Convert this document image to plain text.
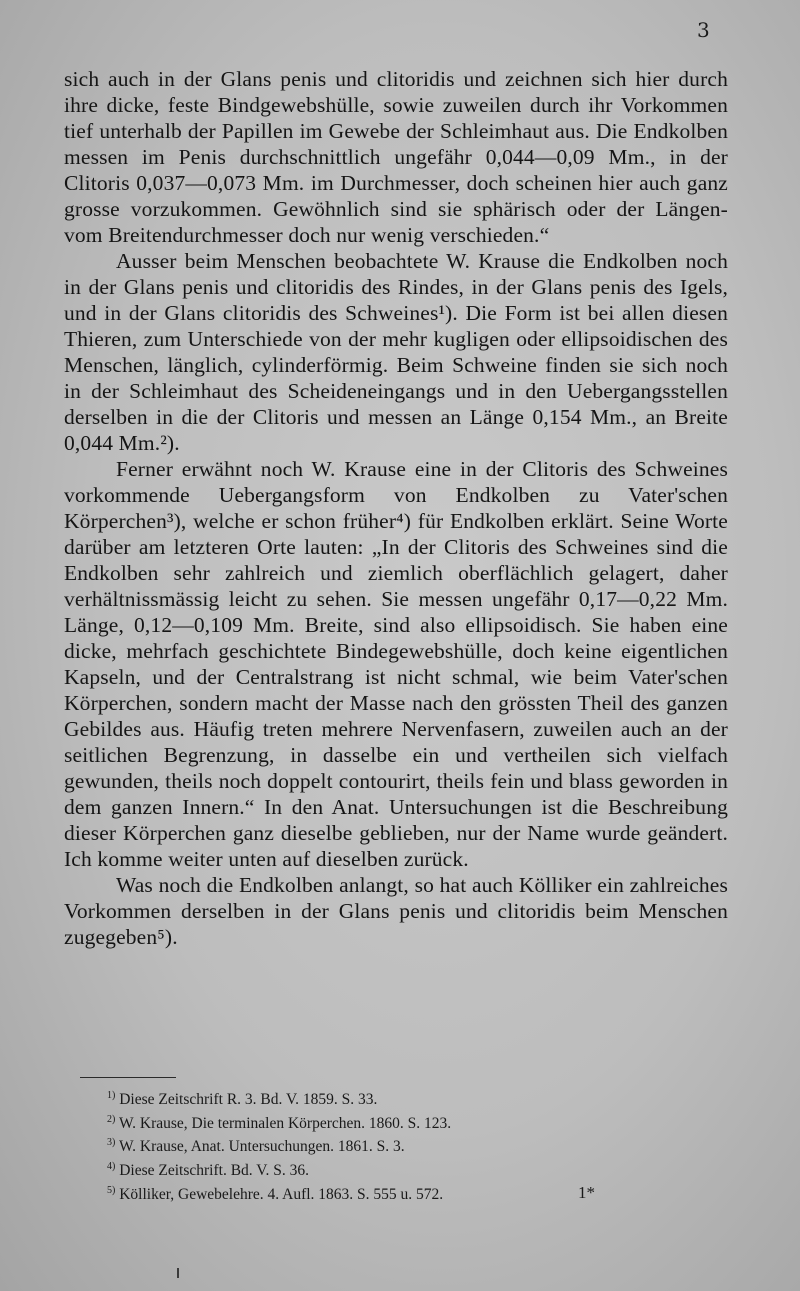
3

sich auch in der Glans penis und clitoridis und zeichnen sich hier durch ihre dicke, feste Bindgewebshülle, sowie zuweilen durch ihr Vorkommen tief unterhalb der Papillen im Gewebe der Schleimhaut aus. Die Endkolben messen im Penis durchschnittlich ungefähr 0,044—0,09 Mm., in der Clitoris 0,037—0,073 Mm. im Durchmesser, doch scheinen hier auch ganz grosse vorzukommen. Gewöhnlich sind sie sphärisch oder der Längen- vom Breitendurchmesser doch nur wenig verschieden.“

Ausser beim Menschen beobachtete W. Krause die Endkolben noch in der Glans penis und clitoridis des Rindes, in der Glans penis des Igels, und in der Glans clitoridis des Schweines¹). Die Form ist bei allen diesen Thieren, zum Unterschiede von der mehr kugligen oder ellipsoidischen des Menschen, länglich, cylinderförmig. Beim Schweine finden sie sich noch in der Schleimhaut des Scheideneingangs und in den Uebergangsstellen derselben in die der Clitoris und messen an Länge 0,154 Mm., an Breite 0,044 Mm.²).

Ferner erwähnt noch W. Krause eine in der Clitoris des Schweines vorkommende Uebergangsform von Endkolben zu Vater'schen Körperchen³), welche er schon früher⁴) für Endkolben erklärt. Seine Worte darüber am letzteren Orte lauten: „In der Clitoris des Schweines sind die Endkolben sehr zahlreich und ziemlich oberflächlich gelagert, daher verhältnissmässig leicht zu sehen. Sie messen ungefähr 0,17—0,22 Mm. Länge, 0,12—0,109 Mm. Breite, sind also ellipsoidisch. Sie haben eine dicke, mehrfach geschichtete Bindegewebshülle, doch keine eigentlichen Kapseln, und der Centralstrang ist nicht schmal, wie beim Vater'schen Körperchen, sondern macht der Masse nach den grössten Theil des ganzen Gebildes aus. Häufig treten mehrere Nervenfasern, zuweilen auch an der seitlichen Begrenzung, in dasselbe ein und vertheilen sich vielfach gewunden, theils noch doppelt contourirt, theils fein und blass geworden in dem ganzen Innern.“ In den Anat. Untersuchungen ist die Beschreibung dieser Körperchen ganz dieselbe geblieben, nur der Name wurde geändert. Ich komme weiter unten auf dieselben zurück.

Was noch die Endkolben anlangt, so hat auch Kölliker ein zahlreiches Vorkommen derselben in der Glans penis und clitoridis beim Menschen zugegeben⁵).

$^{1)}$ Diese Zeitschrift R. 3. Bd. V. 1859. S. 33.
$^{2)}$ W. Krause, Die terminalen Körperchen. 1860. S. 123.
$^{3)}$ W. Krause, Anat. Untersuchungen. 1861. S. 3.
$^{4)}$ Diese Zeitschrift. Bd. V. S. 36.
$^{5)}$ Kölliker, Gewebelehre. 4. Aufl. 1863. S. 555 u. 572.	1*
